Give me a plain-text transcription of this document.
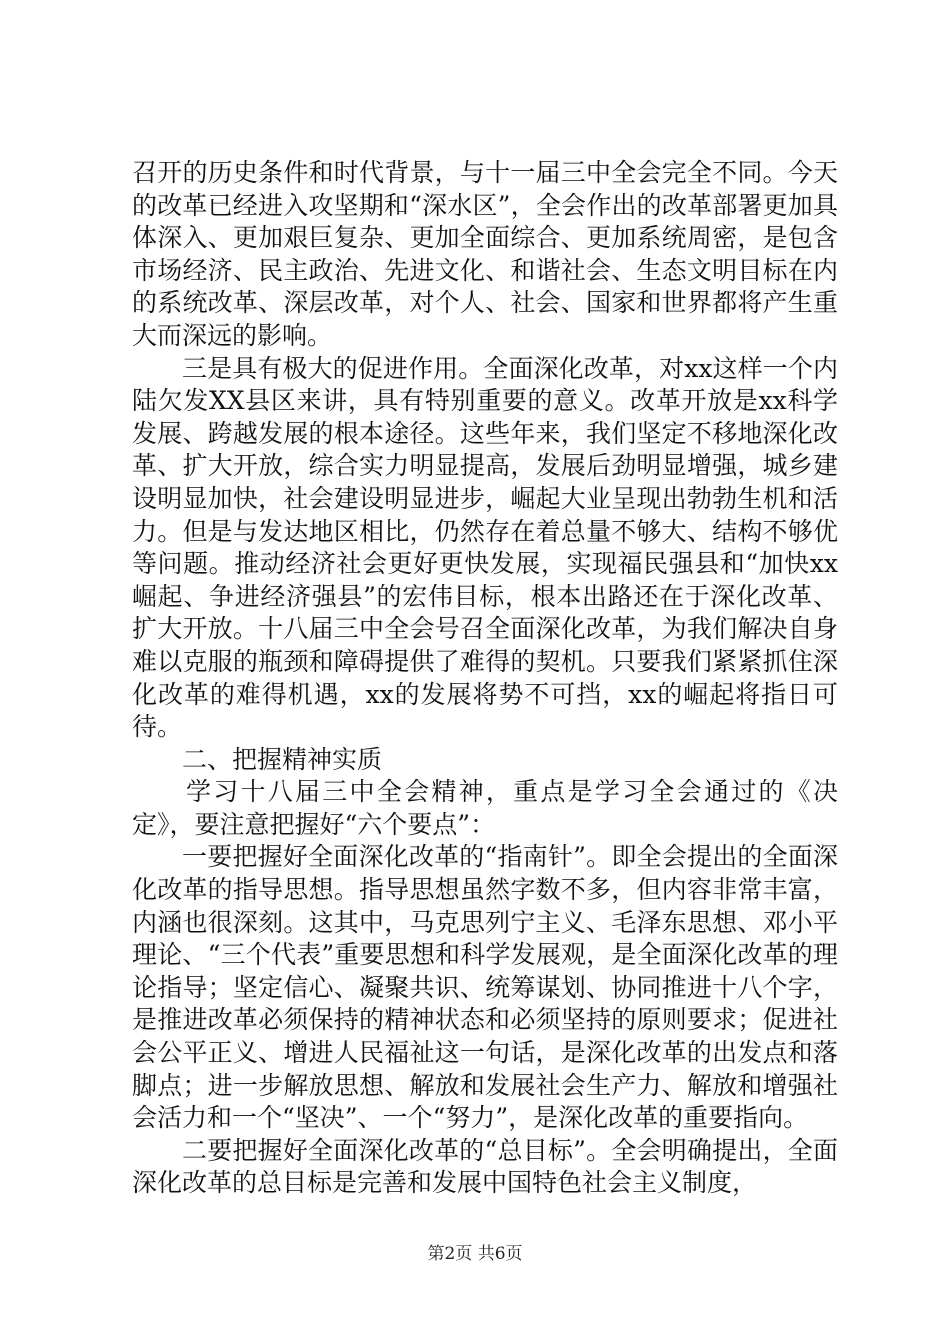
召开的历史条件和时代背景，与十一届三中全会完全不同。今天的改革已经进入攻坚期和“深水区”，全会作出的改革部署更加具体深入、更加艰巨复杂、更加全面综合、更加系统周密，是包含市场经济、民主政治、先进文化、和谐社会、生态文明目标在内的系统改革、深层改革，对个人、社会、国家和世界都将产生重大而深远的影响。

三是具有极大的促进作用。全面深化改革，对xx这样一个内陆欠发XX县区来讲，具有特别重要的意义。改革开放是xx科学发展、跨越发展的根本途径。这些年来，我们坚定不移地深化改革、扩大开放，综合实力明显提高，发展后劲明显增强，城乡建设明显加快，社会建设明显进步，崛起大业呈现出勃勃生机和活力。但是与发达地区相比，仍然存在着总量不够大、结构不够优等问题。推动经济社会更好更快发展，实现福民强县和“加快xx崛起、争进经济强县”的宏伟目标，根本出路还在于深化改革、扩大开放。十八届三中全会号召全面深化改革，为我们解决自身难以克服的瓶颈和障碍提供了难得的契机。只要我们紧紧抓住深化改革的难得机遇，xx的发展将势不可挡，xx的崛起将指日可待。

二、把握精神实质

学习十八届三中全会精神，重点是学习全会通过的《决定》，要注意把握好“六个要点”：

一要把握好全面深化改革的“指南针”。即全会提出的全面深化改革的指导思想。指导思想虽然字数不多，但内容非常丰富，内涵也很深刻。这其中，马克思列宁主义、毛泽东思想、邓小平理论、“三个代表”重要思想和科学发展观，是全面深化改革的理论指导；坚定信心、凝聚共识、统筹谋划、协同推进十八个字，是推进改革必须保持的精神状态和必须坚持的原则要求；促进社会公平正义、增进人民福祉这一句话，是深化改革的出发点和落脚点；进一步解放思想、解放和发展社会生产力、解放和增强社会活力和一个“坚决”、一个“努力”，是深化改革的重要指向。

二要把握好全面深化改革的“总目标”。全会明确提出，全面深化改革的总目标是完善和发展中国特色社会主义制度，

第2页 共6页
